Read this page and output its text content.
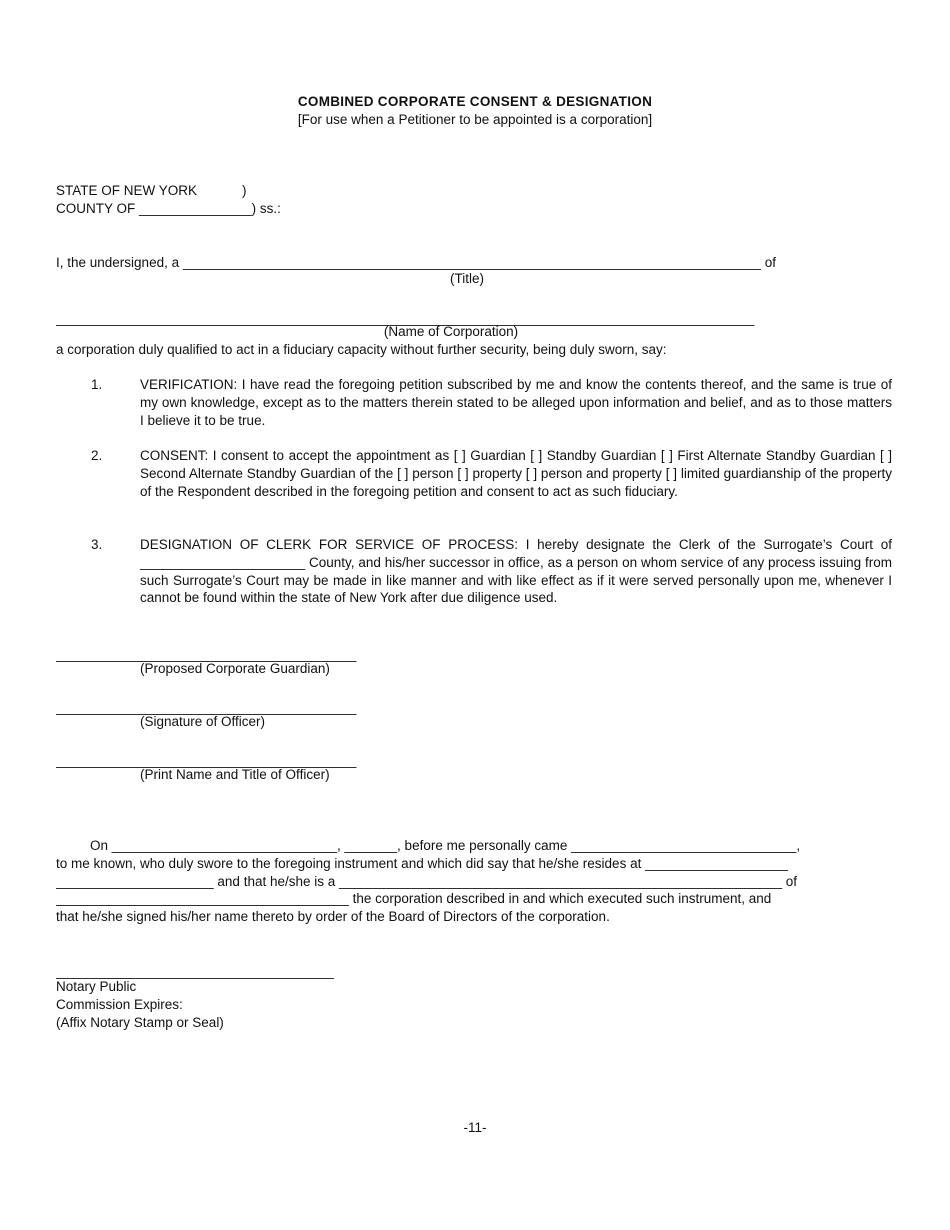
COMBINED CORPORATE CONSENT & DESIGNATION
[For use when a Petitioner to be appointed is a corporation]
STATE OF NEW YORK            )
COUNTY OF _______________) ss.:
I, the undersigned, a _____________________________________________________________________________ of
(Title)
_____________________________________________________________________________________________
(Name of Corporation)
a corporation duly qualified to act in a fiduciary capacity without further security, being duly sworn, say:
1.	VERIFICATION: I have read the foregoing petition subscribed by me and know the contents thereof, and the same is true of my own knowledge, except as to the matters therein stated to be alleged upon information and belief, and as to those matters I believe it to be true.
2.	CONSENT: I consent to accept the appointment as [ ] Guardian [ ] Standby Guardian [ ] First Alternate Standby Guardian [ ] Second Alternate Standby Guardian of the [ ] person [ ] property [ ] person and property [ ] limited guardianship of the property of the Respondent described in the foregoing petition and consent to act as such fiduciary.
3.	DESIGNATION OF CLERK FOR SERVICE OF PROCESS: I hereby designate the Clerk of the Surrogate’s Court of ______________________ County, and his/her successor in office, as a person on whom service of any process issuing from such Surrogate’s Court may be made in like manner and with like effect as if it were served personally upon me, whenever I cannot be found within the state of New York after due diligence used.
________________________________________
(Proposed Corporate Guardian)
________________________________________
(Signature of Officer)
________________________________________
(Print Name and Title of Officer)
On ______________________________, _______, before me personally came ______________________________,
to me known, who duly swore to the foregoing instrument and which did say that he/she resides at ___________________
_____________________ and that he/she is a ___________________________________________________________ of
_______________________________________ the corporation described in and which executed such instrument, and
that he/she signed his/her name thereto by order of the Board of Directors of the corporation.
_____________________________________
Notary Public
Commission Expires:
(Affix Notary Stamp or Seal)
-11-
